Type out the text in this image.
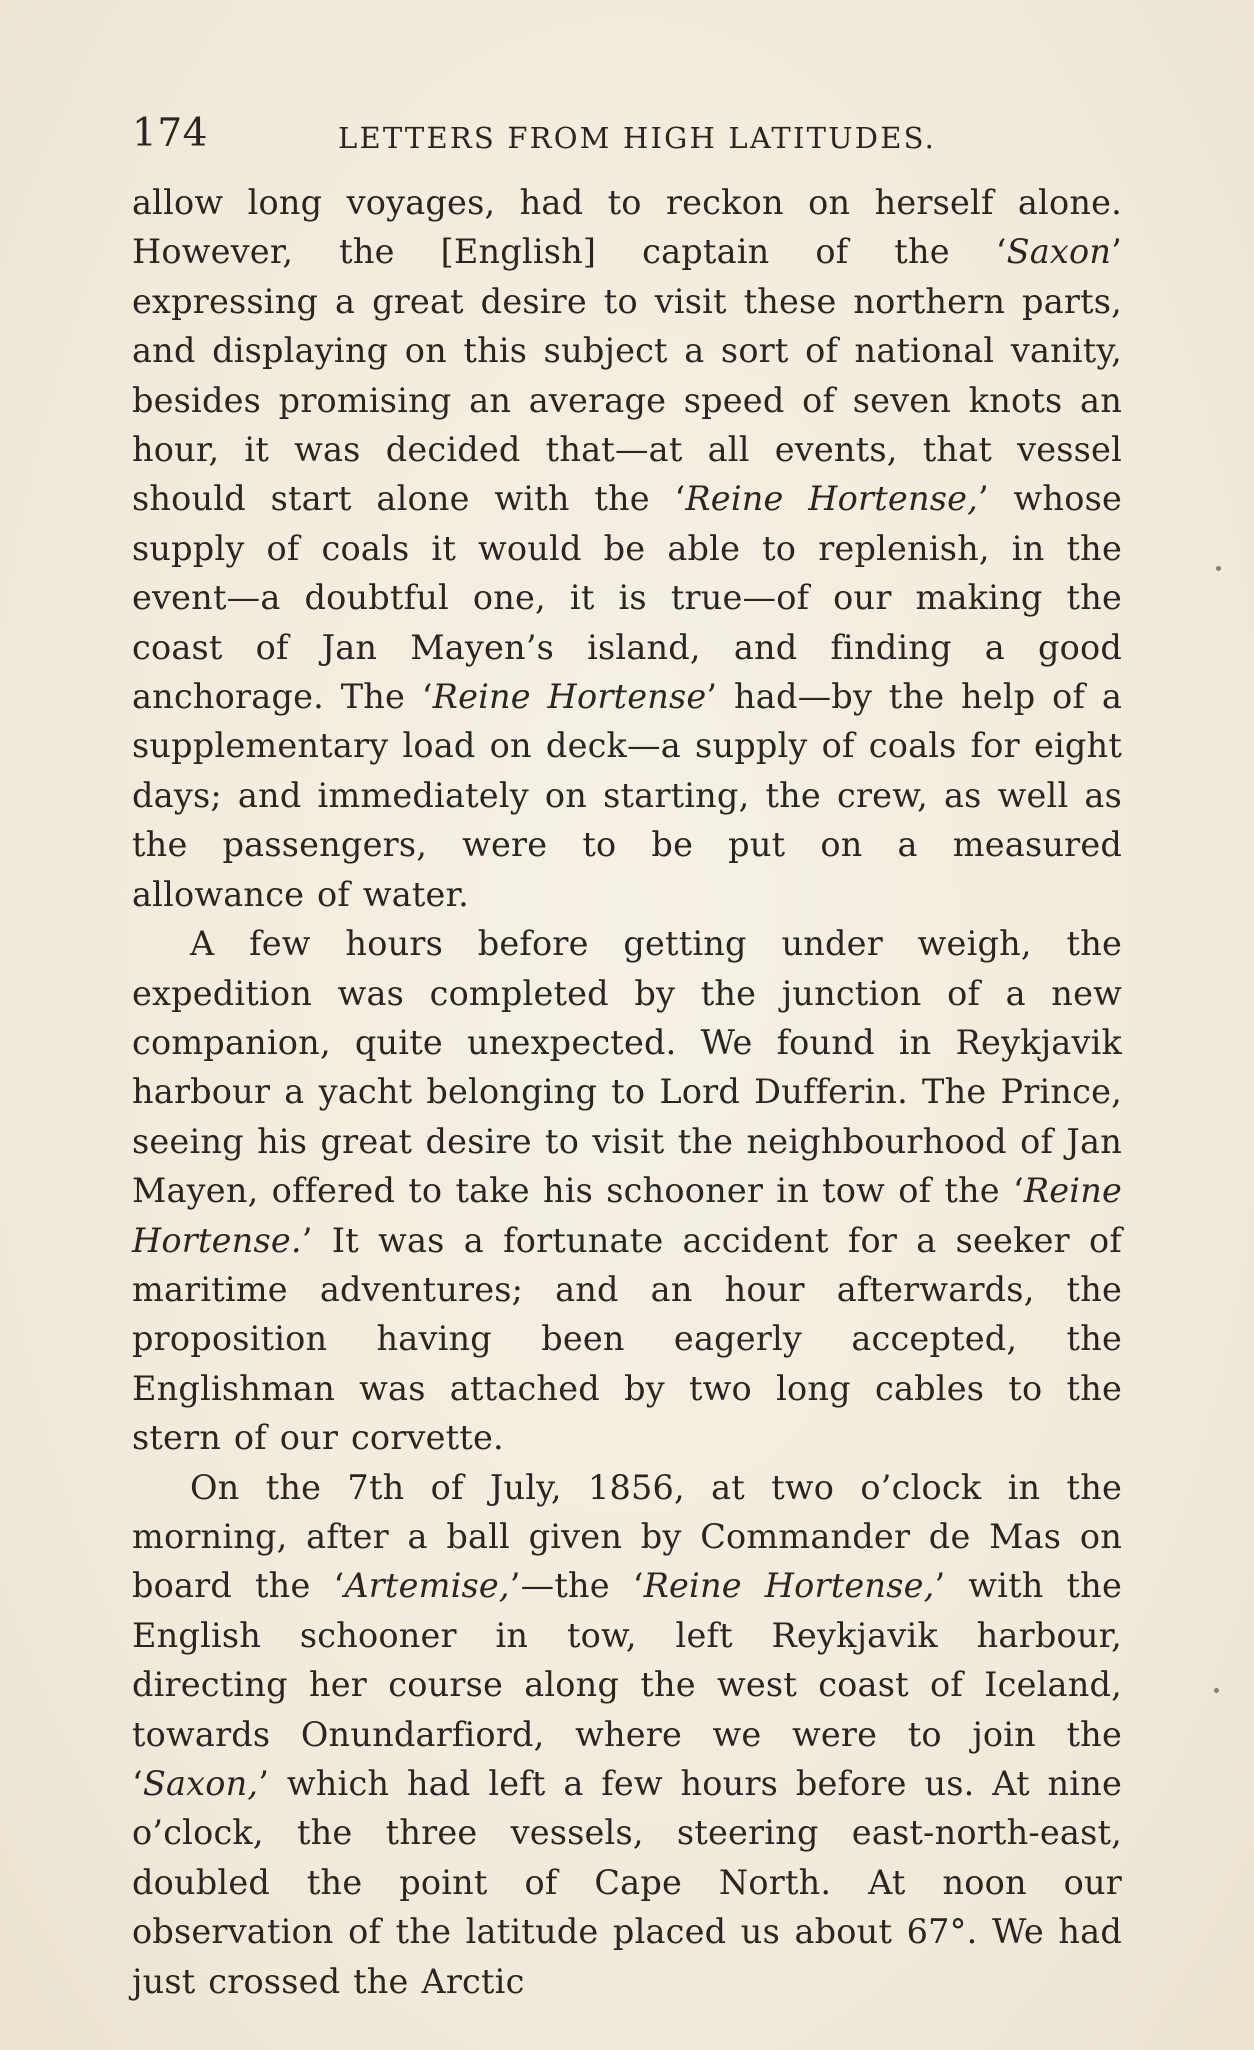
174	LETTERS FROM HIGH LATITUDES.

allow long voyages, had to reckon on herself alone. However, the [English] captain of the ‘Saxon’ expressing a great desire to visit these northern parts, and displaying on this subject a sort of national vanity, besides promising an average speed of seven knots an hour, it was decided that—at all events, that vessel should start alone with the ‘Reine Hortense,’ whose supply of coals it would be able to replenish, in the event—a doubtful one, it is true—of our making the coast of Jan Mayen’s island, and finding a good anchorage. The ‘Reine Hortense’ had—by the help of a supplementary load on deck—a supply of coals for eight days; and immediately on starting, the crew, as well as the passengers, were to be put on a measured allowance of water.

A few hours before getting under weigh, the expedition was completed by the junction of a new companion, quite unexpected. We found in Reykjavik harbour a yacht belonging to Lord Dufferin. The Prince, seeing his great desire to visit the neighbourhood of Jan Mayen, offered to take his schooner in tow of the ‘Reine Hortense.’ It was a fortunate accident for a seeker of maritime adventures; and an hour afterwards, the proposition having been eagerly accepted, the Englishman was attached by two long cables to the stern of our corvette.

On the 7th of July, 1856, at two o’clock in the morning, after a ball given by Commander de Mas on board the ‘Artemise,’—the ‘Reine Hortense,’ with the English schooner in tow, left Reykjavik harbour, directing her course along the west coast of Iceland, towards Onundarfiord, where we were to join the ‘Saxon,’ which had left a few hours before us. At nine o’clock, the three vessels, steering east-north-east, doubled the point of Cape North. At noon our observation of the latitude placed us about 67°. We had just crossed the Arctic
